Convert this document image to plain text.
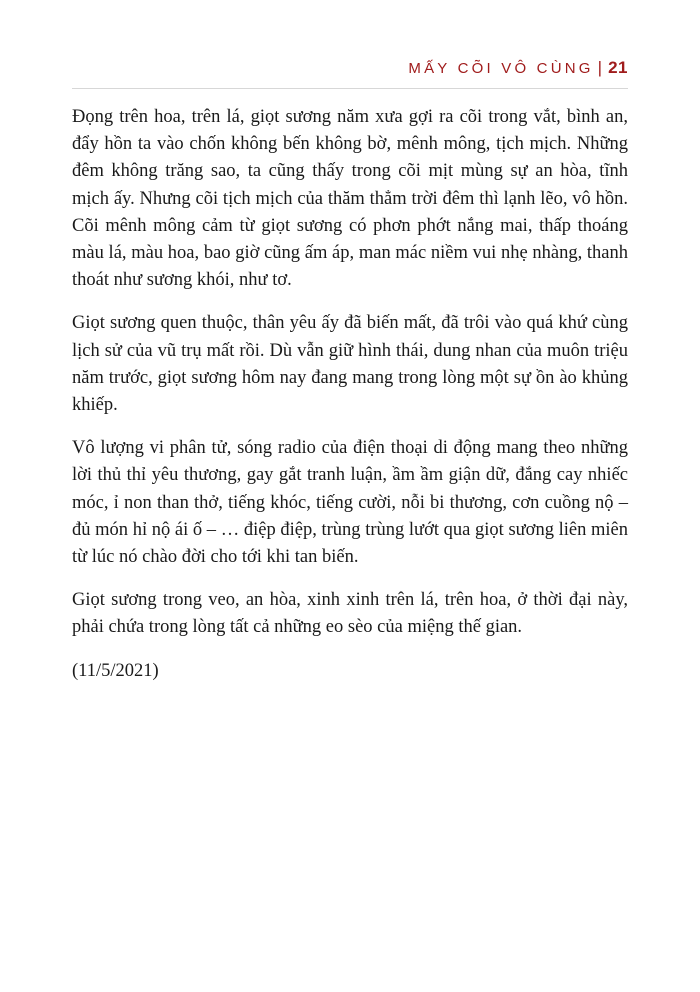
MẤY CÕI VÔ CÙNG | 21

Đọng trên hoa, trên lá, giọt sương năm xưa gợi ra cõi trong vắt, bình an, đẩy hồn ta vào chốn không bến không bờ, mênh mông, tịch mịch. Những đêm không trăng sao, ta cũng thấy trong cõi mịt mùng sự an hòa, tĩnh mịch ấy. Nhưng cõi tịch mịch của thăm thẳm trời đêm thì lạnh lẽo, vô hồn. Cõi mênh mông cảm từ giọt sương có phơn phớt nắng mai, thấp thoáng màu lá, màu hoa, bao giờ cũng ấm áp, man mác niềm vui nhẹ nhàng, thanh thoát như sương khói, như tơ.

Giọt sương quen thuộc, thân yêu ấy đã biến mất, đã trôi vào quá khứ cùng lịch sử của vũ trụ mất rồi. Dù vẫn giữ hình thái, dung nhan của muôn triệu năm trước, giọt sương hôm nay đang mang trong lòng một sự ồn ào khủng khiếp.

Vô lượng vi phân tử, sóng radio của điện thoại di động mang theo những lời thủ thỉ yêu thương, gay gắt tranh luận, ầm ầm giận dữ, đắng cay nhiếc móc, ỉ non than thở, tiếng khóc, tiếng cười, nỗi bi thương, cơn cuồng nộ – đủ món hỉ nộ ái ố – … điệp điệp, trùng trùng lướt qua giọt sương liên miên từ lúc nó chào đời cho tới khi tan biến.

Giọt sương trong veo, an hòa, xinh xinh trên lá, trên hoa, ở thời đại này, phải chứa trong lòng tất cả những eo sèo của miệng thế gian.

(11/5/2021)
